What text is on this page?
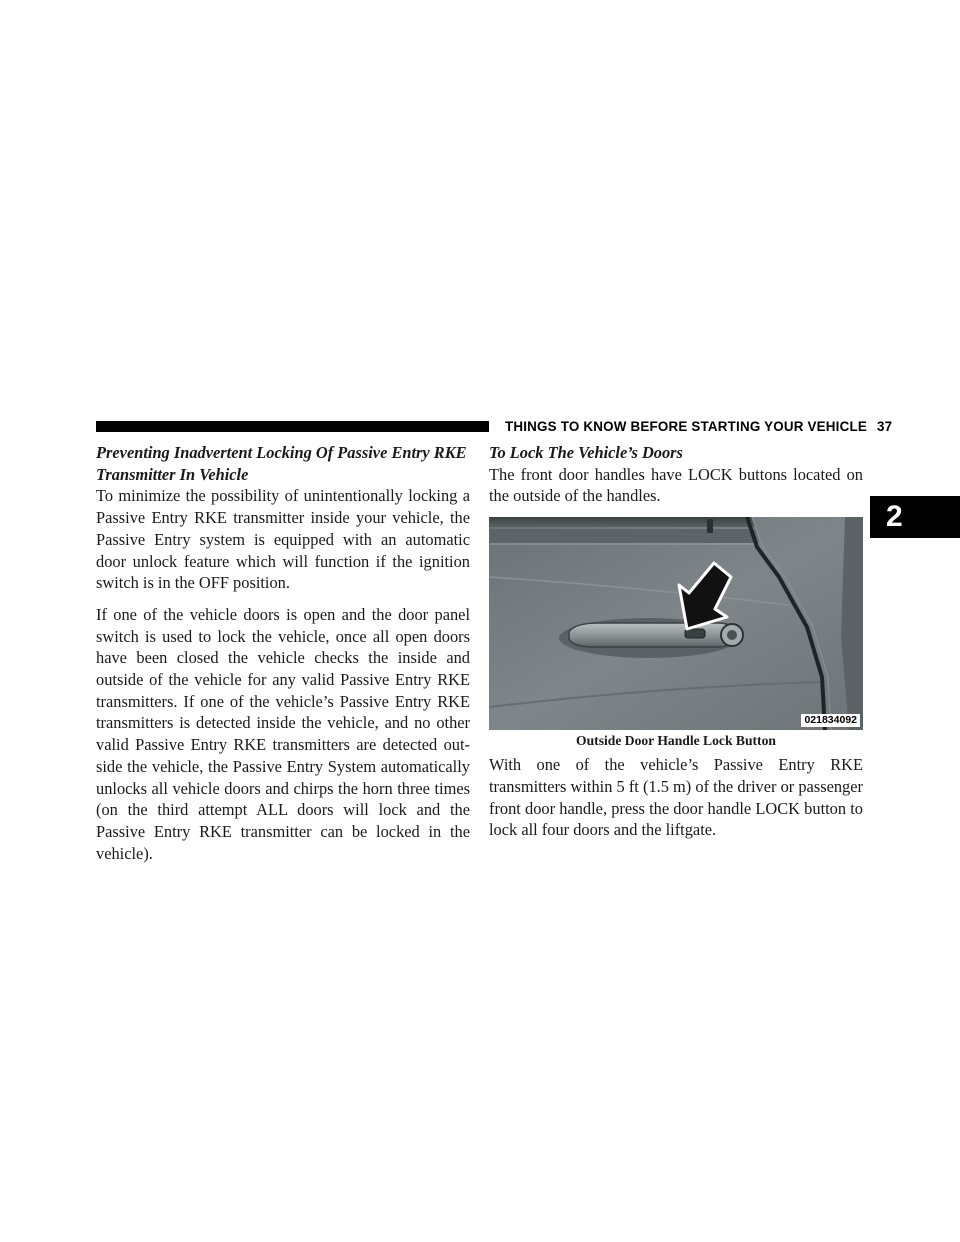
THINGS TO KNOW BEFORE STARTING YOUR VEHICLE 37
2

Preventing Inadvertent Locking Of Passive Entry RKE Transmitter In Vehicle

To minimize the possibility of unintentionally locking a Passive Entry RKE transmitter inside your vehicle, the Passive Entry system is equipped with an automatic door unlock feature which will function if the ignition switch is in the OFF position.

If one of the vehicle doors is open and the door panel switch is used to lock the vehicle, once all open doors have been closed the vehicle checks the inside and outside of the vehicle for any valid Passive Entry RKE transmitters. If one of the vehicle’s Passive Entry RKE transmitters is detected inside the vehicle, and no other valid Passive Entry RKE transmitters are detected out-side the vehicle, the Passive Entry System automatically unlocks all vehicle doors and chirps the horn three times (on the third attempt ALL doors will lock and the Passive Entry RKE transmitter can be locked in the vehicle).

To Lock The Vehicle’s Doors

The front door handles have LOCK buttons located on the outside of the handles.

021834092
Outside Door Handle Lock Button

With one of the vehicle’s Passive Entry RKE transmitters within 5 ft (1.5 m) of the driver or passenger front door handle, press the door handle LOCK button to lock all four doors and the liftgate.
